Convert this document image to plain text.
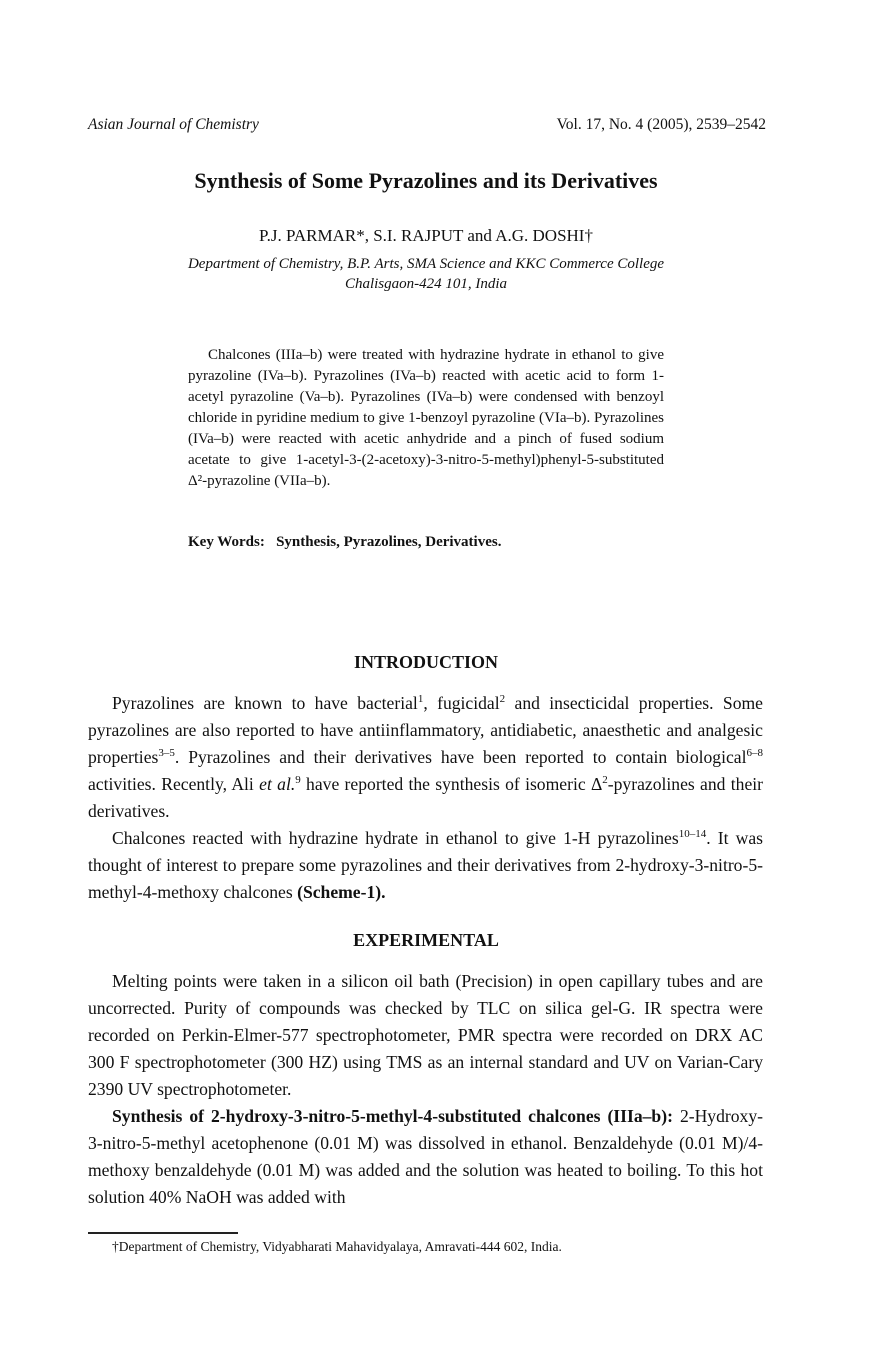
Asian Journal of Chemistry	Vol. 17, No. 4 (2005), 2539–2542
Synthesis of Some Pyrazolines and its Derivatives
P.J. PARMAR*, S.I. RAJPUT and A.G. DOSHI†
Department of Chemistry, B.P. Arts, SMA Science and KKC Commerce College
Chalisgaon-424 101, India

Chalcones (IIIa–b) were treated with hydrazine hydrate in ethanol to give pyrazoline (IVa–b). Pyrazolines (IVa–b) reacted with acetic acid to form 1-acetyl pyrazoline (Va–b). Pyrazolines (IVa–b) were condensed with benzoyl chloride in pyridine medium to give 1-benzoyl pyrazoline (VIa–b). Pyrazolines (IVa–b) were reacted with acetic anhydride and a pinch of fused sodium acetate to give 1-acetyl-3-(2-acetoxy)-3-nitro-5-methyl)phenyl-5-substituted Δ²-pyrazoline (VIIa–b).

Key Words: Synthesis, Pyrazolines, Derivatives.
INTRODUCTION

Pyrazolines are known to have bacterial$^1$, fugicidal$^2$ and insecticidal properties. Some pyrazolines are also reported to have antiinflammatory, antidiabetic, anaesthetic and analgesic properties$^{3-5}$. Pyrazolines and their derivatives have been reported to contain biological$^{6-8}$ activities. Recently, Ali et al.$^9$ have reported the synthesis of isomeric $\Delta^2$-pyrazolines and their derivatives.

Chalcones reacted with hydrazine hydrate in ethanol to give 1-H pyrazolines$^{10-14}$. It was thought of interest to prepare some pyrazolines and their derivatives from 2-hydroxy-3-nitro-5-methyl-4-methoxy chalcones (Scheme-1).

EXPERIMENTAL

Melting points were taken in a silicon oil bath (Precision) in open capillary tubes and are uncorrected. Purity of compounds was checked by TLC on silica gel-G. IR spectra were recorded on Perkin-Elmer-577 spectrophotometer, PMR spectra were recorded on DRX AC 300 F spectrophotometer (300 HZ) using TMS as an internal standard and UV on Varian-Cary 2390 UV spectrophotometer.

Synthesis of 2-hydroxy-3-nitro-5-methyl-4-substituted chalcones (IIIa–b): 2-Hydroxy-3-nitro-5-methyl acetophenone (0.01 M) was dissolved in ethanol. Benzaldehyde (0.01 M)/4-methoxy benzaldehyde (0.01 M) was added and the solution was heated to boiling. To this hot solution 40% NaOH was added with

†Department of Chemistry, Vidyabharati Mahavidyalaya, Amravati-444 602, India.
